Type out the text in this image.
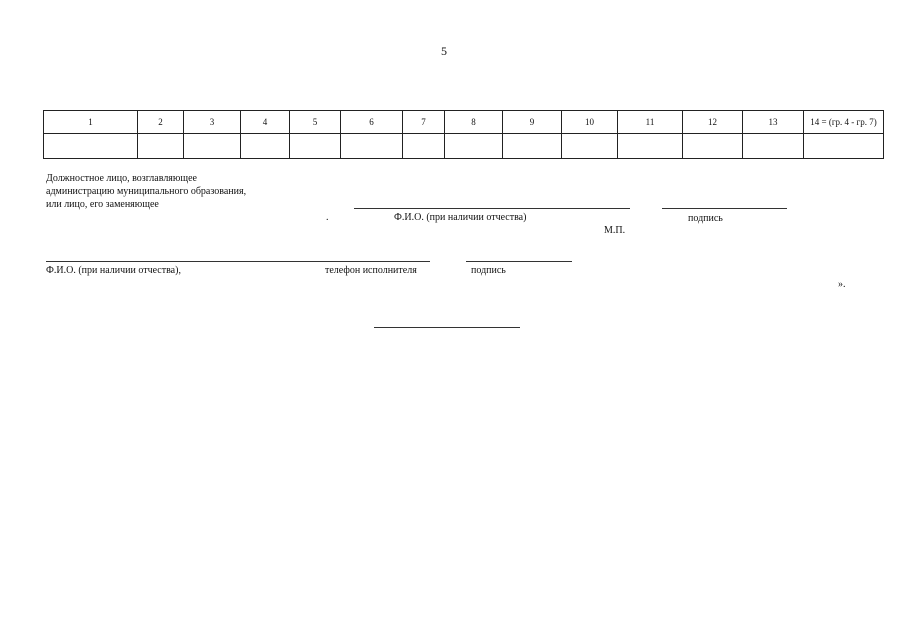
5
1	2	3	4	5	6	7	8	9	10	11	12	13	14 = (гр. 4 - гр. 7)

Должностное лицо, возглавляющее
администрацию муниципального образования,
или лицо, его заменяющее
.	Ф.И.О. (при наличии отчества)	подпись
М.П.
Ф.И.О. (при наличии отчества),	телефон исполнителя	подпись
».
